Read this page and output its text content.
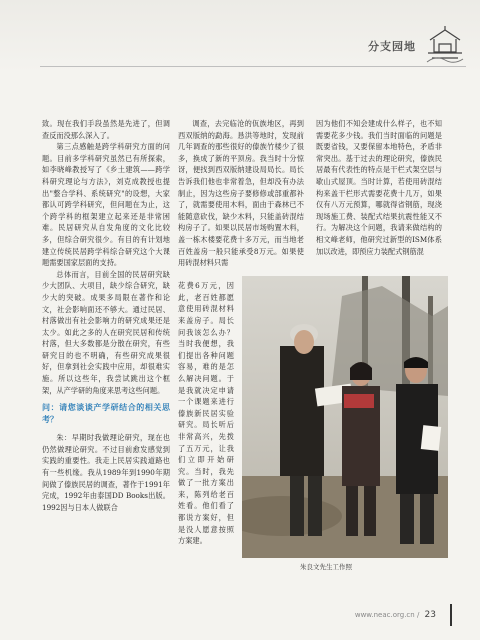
分支园地

致。现在我们手段虽然是先进了，但调查反而没那么深入了。

第三点感触是跨学科研究方面的问题。目前多学科研究虽然已有所探索，如李晓峰教授写了《乡土建筑——跨学科研究理论与方法》，刘克成教授也提出"整合学科、系统研究"的设想，大家都认可跨学科研究，但问题在为止，这个跨学科的框架建立起来还是非常困难。民居研究从自发角度的文化比较多，但综合研究很少。有目的有计划地建立传统民居跨学科综合研究这个大课题需要国家层面的支持。

总体而言，目前全国的民居研究缺少大团队、大项目，缺少综合研究，缺少大的突破。成果多局限在著作和论文，社会影响面还不够大。通过民居、村落做出有社会影响力的研究成果还是太少。如此之多的人在研究民居和传统村落，但大多数都是分散在研究，有些研究目的也不明确，有些研究成果很好，但拿到社会实践中应用，却很难实施。所以这些年，我尝试跳出这个框架，从产学研的角度来思考这些问题。

问：请您谈谈产学研结合的相关思考？

朱：早期时我做理论研究，现在也仍然做理论研究。不过目前愈发感觉到实践的重要性。我走上民居实践道路也有一些机缘。我从1989年到1990年期间做了傣族民居的调查，著作于1991年完成，1992年由泰国DD Books出版。1992因与日本人做联合

调查，去完临沧的佤族地区，再到西双版纳的勐海。恳洪等地时，发现前几年调查的那些很好的傣族竹楼少了很多，换成了新的平顶房。我当时十分惊讶，便找到西双版纳建设局局长。局长告诉我们他也非常着急，但却没有办法制止，因为这些房子要修修或部重都补了，就需要使用木料，面由于森林已不能随意砍伐，缺少木料，只能盖砖混结构房子了。如果以民居市场购置木料，盖一栋木楼要花费十多万元，而当地老百姓盖房一般只能承受8万元。如果使用砖混材料只需

花费6万元，因此，老百姓都愿意使用砖混材料来盖房子。局长问我该怎么办？当时我便想，我们提出各种问题容易，难的是怎么解决问题。于是我就决定申请一个课题来进行傣族新民居实验研究。局长听后非常高兴，先拨了五万元，让我们立即开始研究。当时，我先做了一批方案出来，陈列给老百姓看。他们看了都说方案好，但是没人愿意按照方案建。

因为他们不知会建成什么样子，也不知需要花多少钱。我们当时面临的问题是既要省钱，又要保留本地特色，矛盾非常突出。基于过去的理论研究，傣族民居最有代表性的特点是干栏式架空层与歇山式屋顶。当时计算，若使用砖混结构来盖干栏形式需要花费十几万，如果仅有八万元预算，哪就得省钢筋，现浇现场施工费、装配式结果抗震性能又不行。为解决这个问题，我请来做结构的相文峰老师，他研究过新型的ISM体系加以改进，即预应力装配式钢筋混

朱良文先生工作照
www.neac.org.cn / 23
